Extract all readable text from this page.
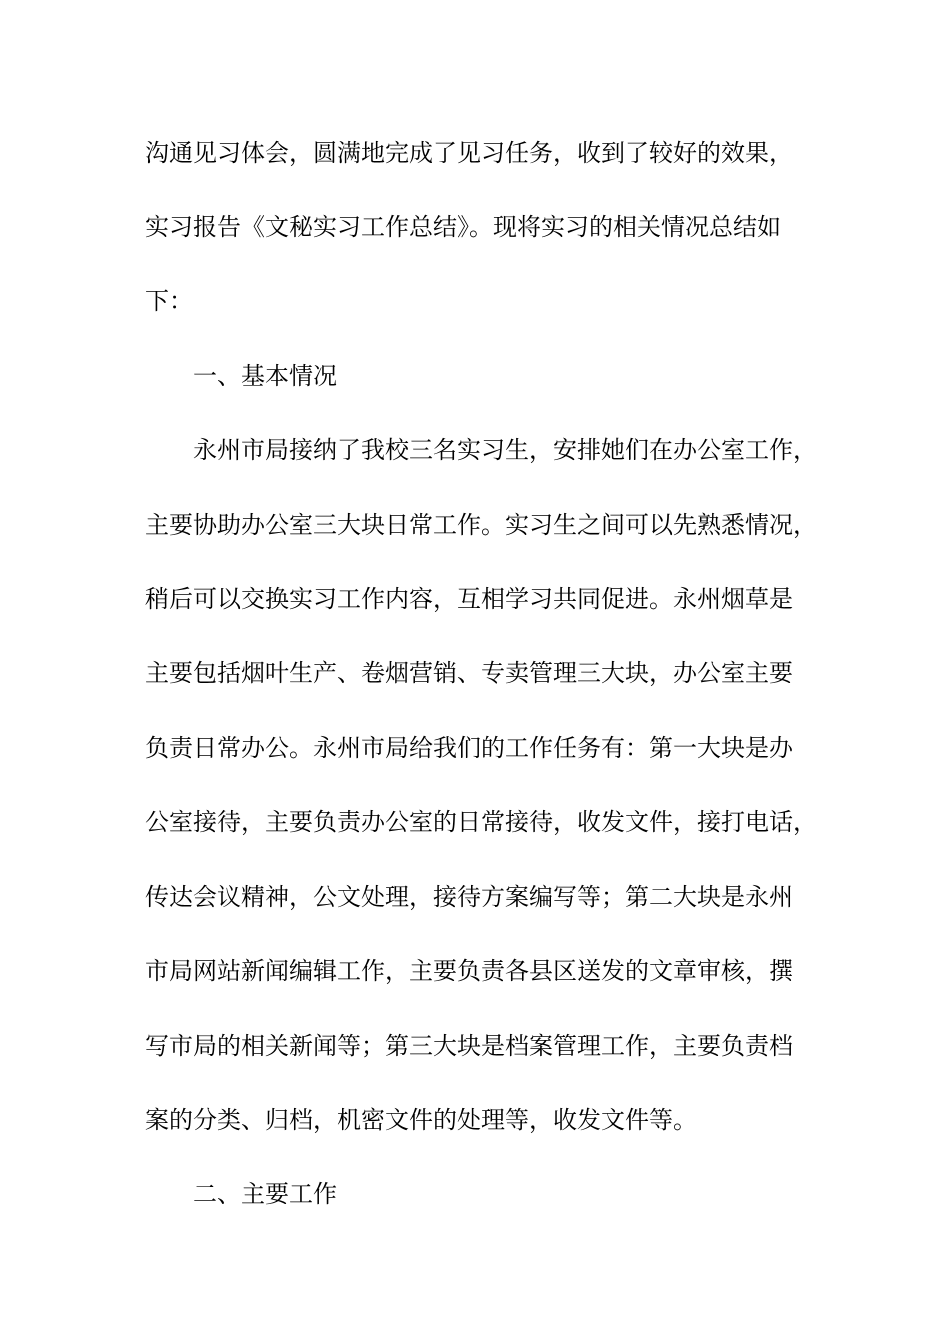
沟通见习体会，圆满地完成了见习任务，收到了较好的效果，

实习报告《文秘实习工作总结》。现将实习的相关情况总结如

下：

一、基本情况

永州市局接纳了我校三名实习生，安排她们在办公室工作，

主要协助办公室三大块日常工作。实习生之间可以先熟悉情况，

稍后可以交换实习工作内容，互相学习共同促进。永州烟草是

主要包括烟叶生产、卷烟营销、专卖管理三大块，办公室主要

负责日常办公。永州市局给我们的工作任务有：第一大块是办

公室接待，主要负责办公室的日常接待，收发文件，接打电话，

传达会议精神，公文处理，接待方案编写等；第二大块是永州

市局网站新闻编辑工作，主要负责各县区送发的文章审核，撰

写市局的相关新闻等；第三大块是档案管理工作，主要负责档

案的分类、归档，机密文件的处理等，收发文件等。

二、主要工作
